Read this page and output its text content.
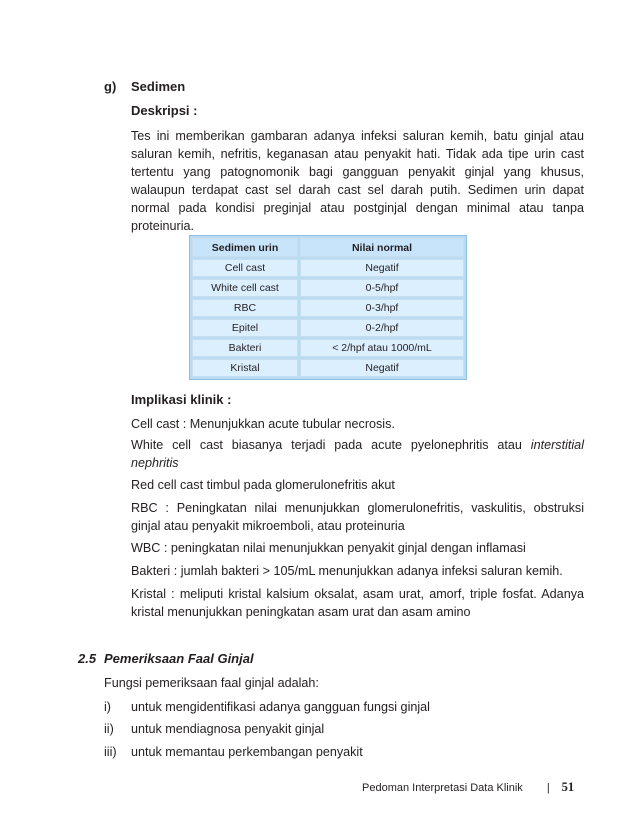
g) Sedimen
Deskripsi :

Tes ini memberikan gambaran adanya infeksi saluran kemih, batu ginjal atau saluran kemih, nefritis, keganasan atau penyakit hati. Tidak ada tipe urin cast tertentu yang patognomonik bagi gangguan penyakit ginjal yang khusus, walaupun terdapat cast sel darah cast sel darah putih. Sedimen urin dapat normal pada kondisi preginjal atau postginjal dengan minimal atau tanpa proteinuria.

Sedimen urin	Nilai normal
Cell cast	Negatif
White cell cast	0-5/hpf
RBC	0-3/hpf
Epitel	0-2/hpf
Bakteri	< 2/hpf atau 1000/mL
Kristal	Negatif
Implikasi klinik :
Cell cast : Menunjukkan acute tubular necrosis.
White cell cast biasanya terjadi pada acute pyelonephritis atau interstitial nephritis
Red cell cast timbul pada glomerulonefritis akut
RBC : Peningkatan nilai menunjukkan glomerulonefritis, vaskulitis, obstruksi ginjal atau penyakit mikroemboli, atau proteinuria
WBC : peningkatan nilai menunjukkan penyakit ginjal dengan inflamasi
Bakteri : jumlah bakteri > 105/mL menunjukkan adanya infeksi saluran kemih.
Kristal : meliputi kristal kalsium oksalat, asam urat, amorf, triple fosfat. Adanya kristal menunjukkan peningkatan asam urat dan asam amino
2.5 Pemeriksaan Faal Ginjal
Fungsi pemeriksaan faal ginjal adalah:
i) untuk mengidentifikasi adanya gangguan fungsi ginjal
ii) untuk mendiagnosa penyakit ginjal
iii) untuk memantau perkembangan penyakit
Pedoman Interpretasi Data Klinik | 51
